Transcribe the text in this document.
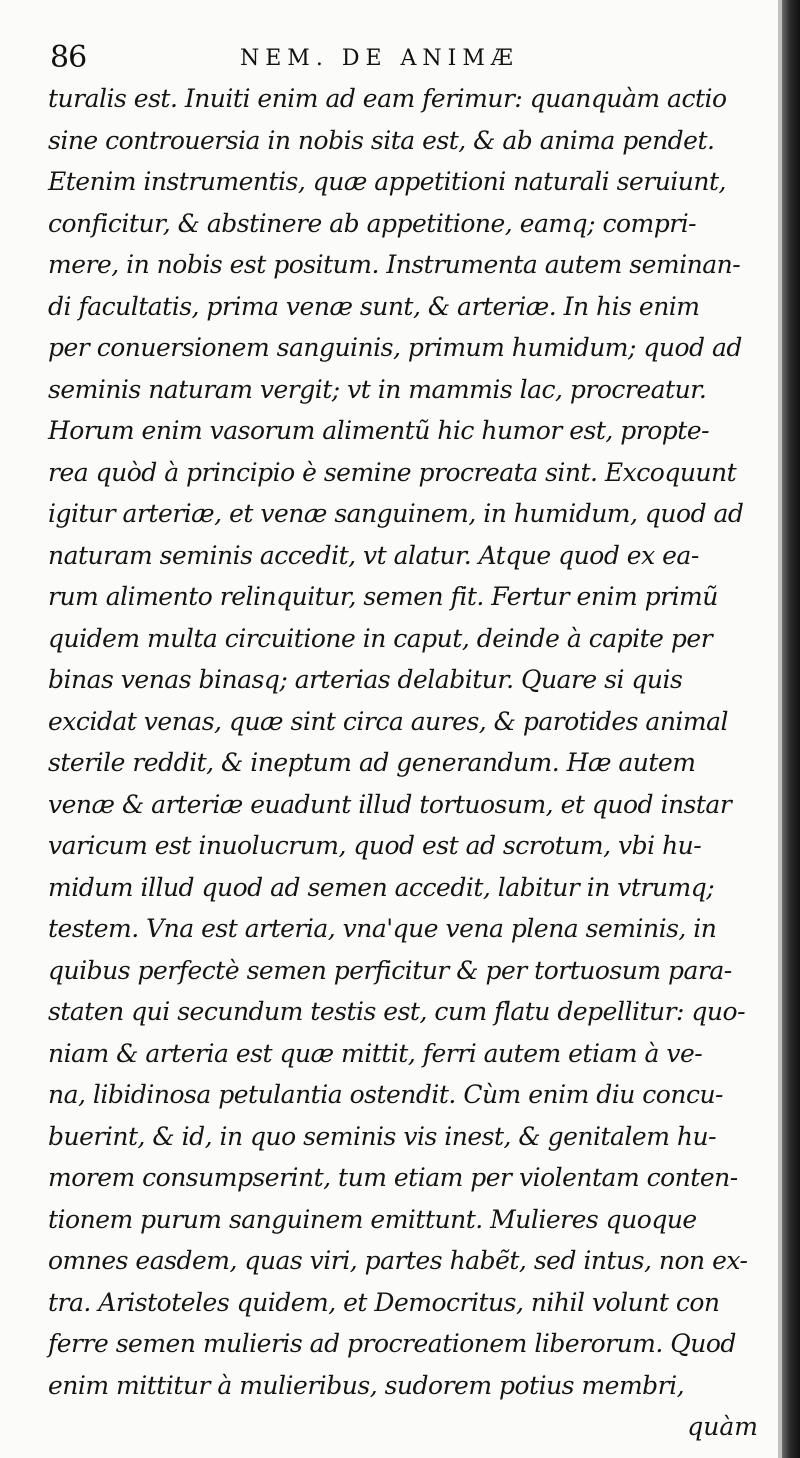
86	NEM. DE ANIMÆ
turalis est. Inuiti enim ad eam ferimur: quanquàm actio
sine controuersia in nobis sita est, & ab anima pendet.
Etenim instrumentis, quæ appetitioni naturali seruiunt,
conficitur, & abstinere ab appetitione, eamq; compri-
mere, in nobis est positum. Instrumenta autem seminan-
di facultatis, prima venæ sunt, & arteriæ. In his enim
per conuersionem sanguinis, primum humidum; quod ad
seminis naturam vergit; vt in mammis lac, procreatur.
Horum enim vasorum alimentũ hic humor est, propte-
rea quòd à principio è semine procreata sint. Excoquunt
igitur arteriæ, et venæ sanguinem, in humidum, quod ad
naturam seminis accedit, vt alatur. Atque quod ex ea-
rum alimento relinquitur, semen fit. Fertur enim primũ
quidem multa circuitione in caput, deinde à capite per
binas venas binasq; arterias delabitur. Quare si quis
excidat venas, quæ sint circa aures, & parotides animal
sterile reddit, & ineptum ad generandum. Hæ autem
venæ & arteriæ euadunt illud tortuosum, et quod instar
varicum est inuolucrum, quod est ad scrotum, vbi hu-
midum illud quod ad semen accedit, labitur in vtrumq;
testem. Vna est arteria, vna'que vena plena seminis, in
quibus perfectè semen perficitur & per tortuosum para-
staten qui secundum testis est, cum flatu depellitur: quo-
niam & arteria est quæ mittit, ferri autem etiam à ve-
na, libidinosa petulantia ostendit. Cùm enim diu concu-
buerint, & id, in quo seminis vis inest, & genitalem hu-
morem consumpserint, tum etiam per violentam conten-
tionem purum sanguinem emittunt. Mulieres quoque
omnes easdem, quas viri, partes habẽt, sed intus, non ex-
tra. Aristoteles quidem, et Democritus, nihil volunt con
ferre semen mulieris ad procreationem liberorum. Quod
enim mittitur à mulieribus, sudorem potius membri,
quàm
